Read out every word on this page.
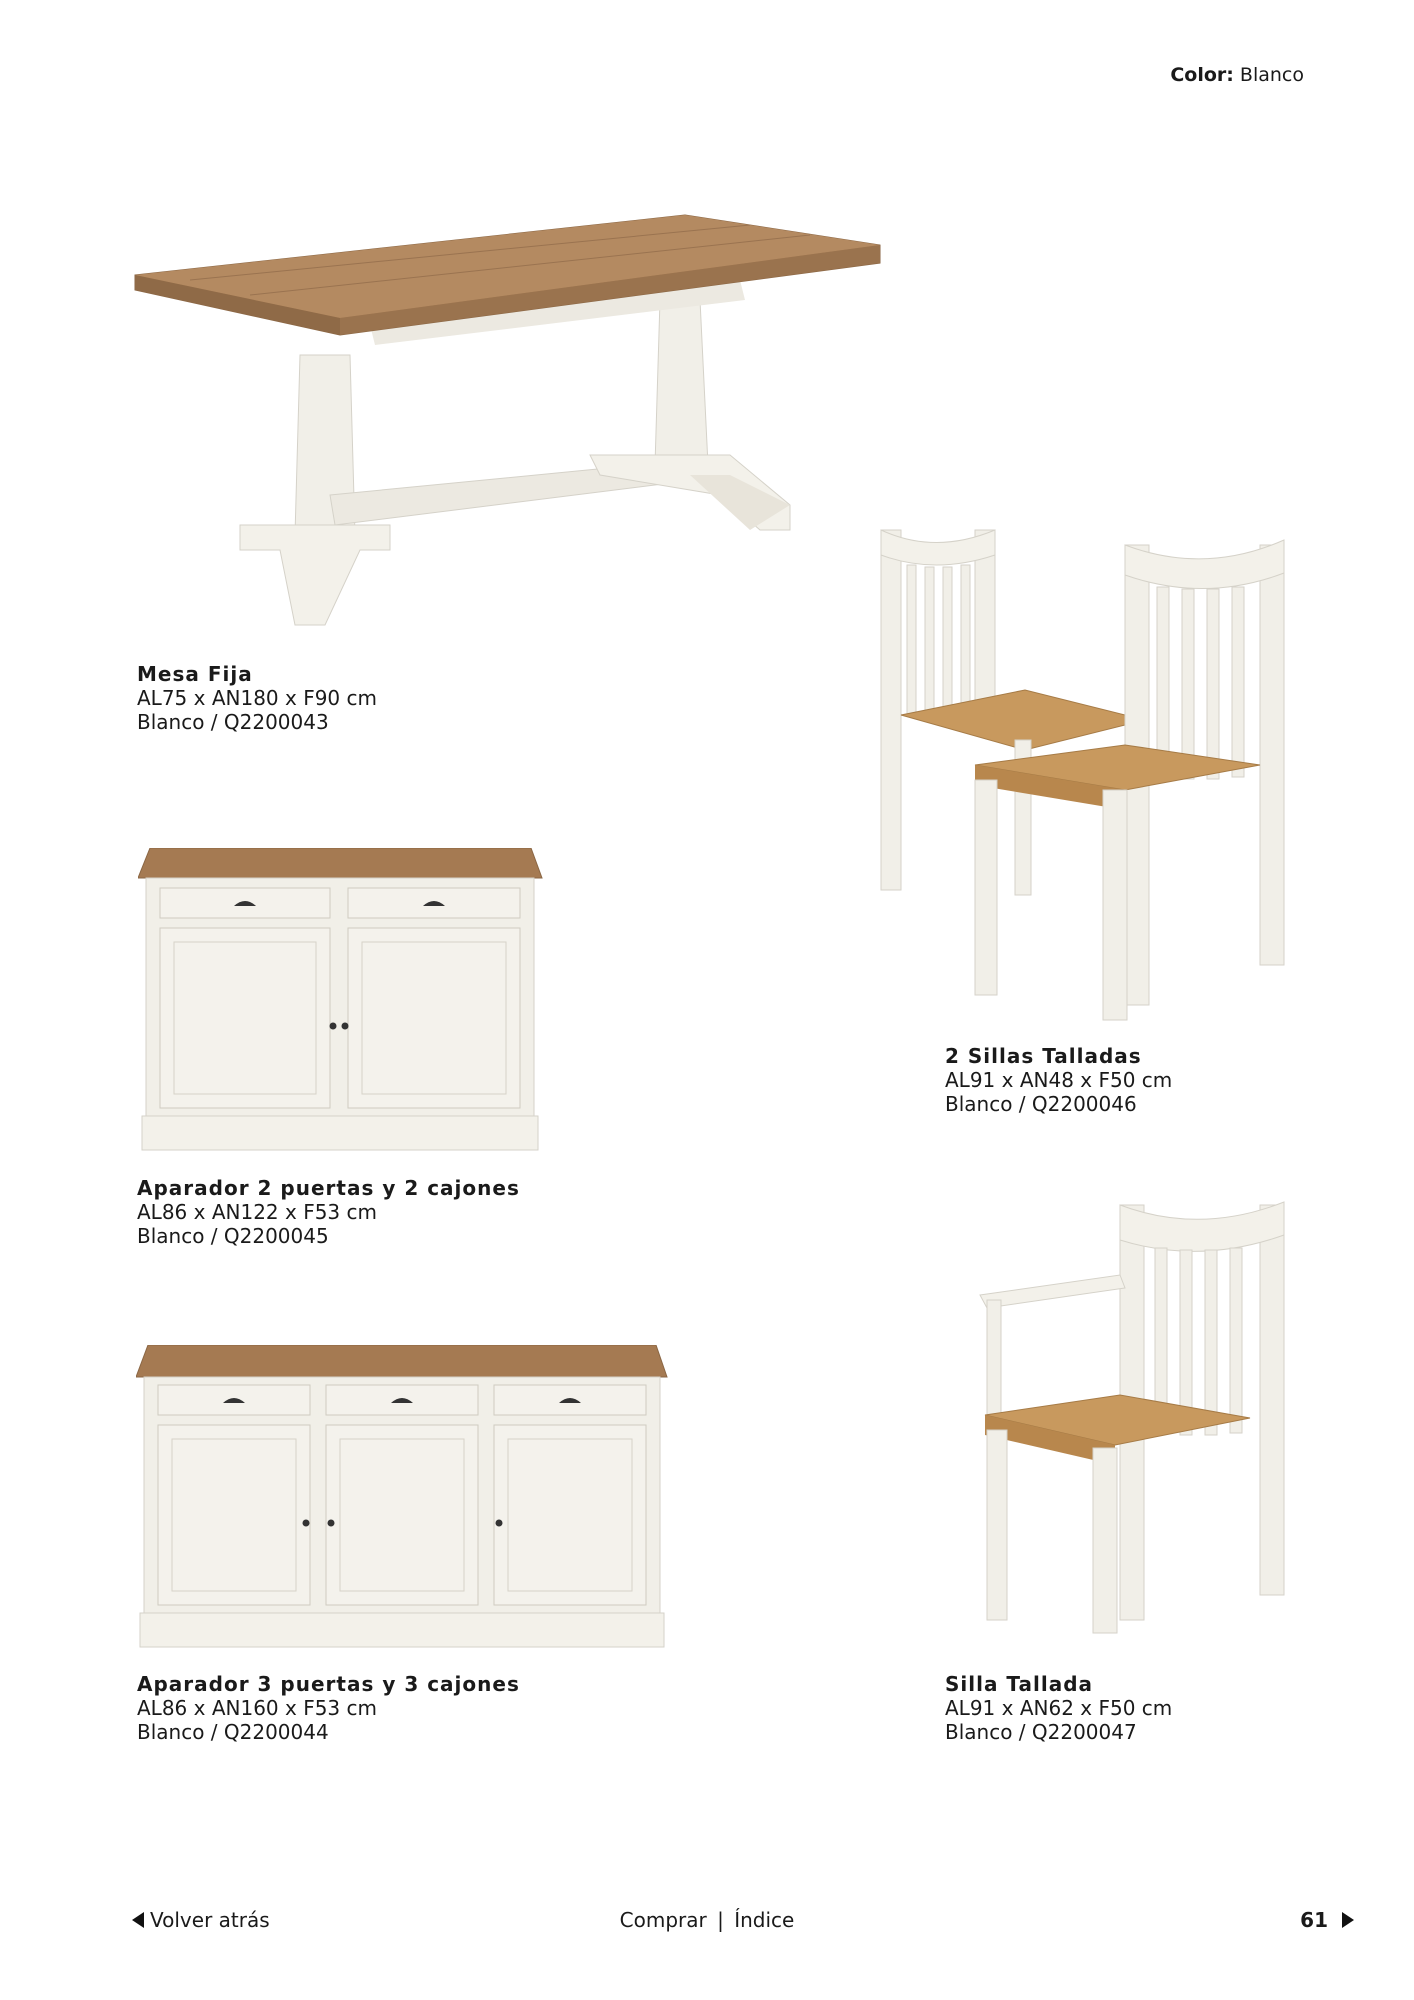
Color: Blanco
Mesa Fija
AL75 x AN180 x F90 cm
Blanco / Q2200043
2 Sillas Talladas
AL91 x AN48 x F50 cm
Blanco / Q2200046
Aparador 2 puertas y 2 cajones
AL86 x AN122 x F53 cm
Blanco / Q2200045
Aparador 3 puertas y 3 cajones
AL86 x AN160 x F53 cm
Blanco / Q2200044
Silla Tallada
AL91 x AN62 x F50 cm
Blanco / Q2200047
Comprar | Índice
Volver atrás	61
